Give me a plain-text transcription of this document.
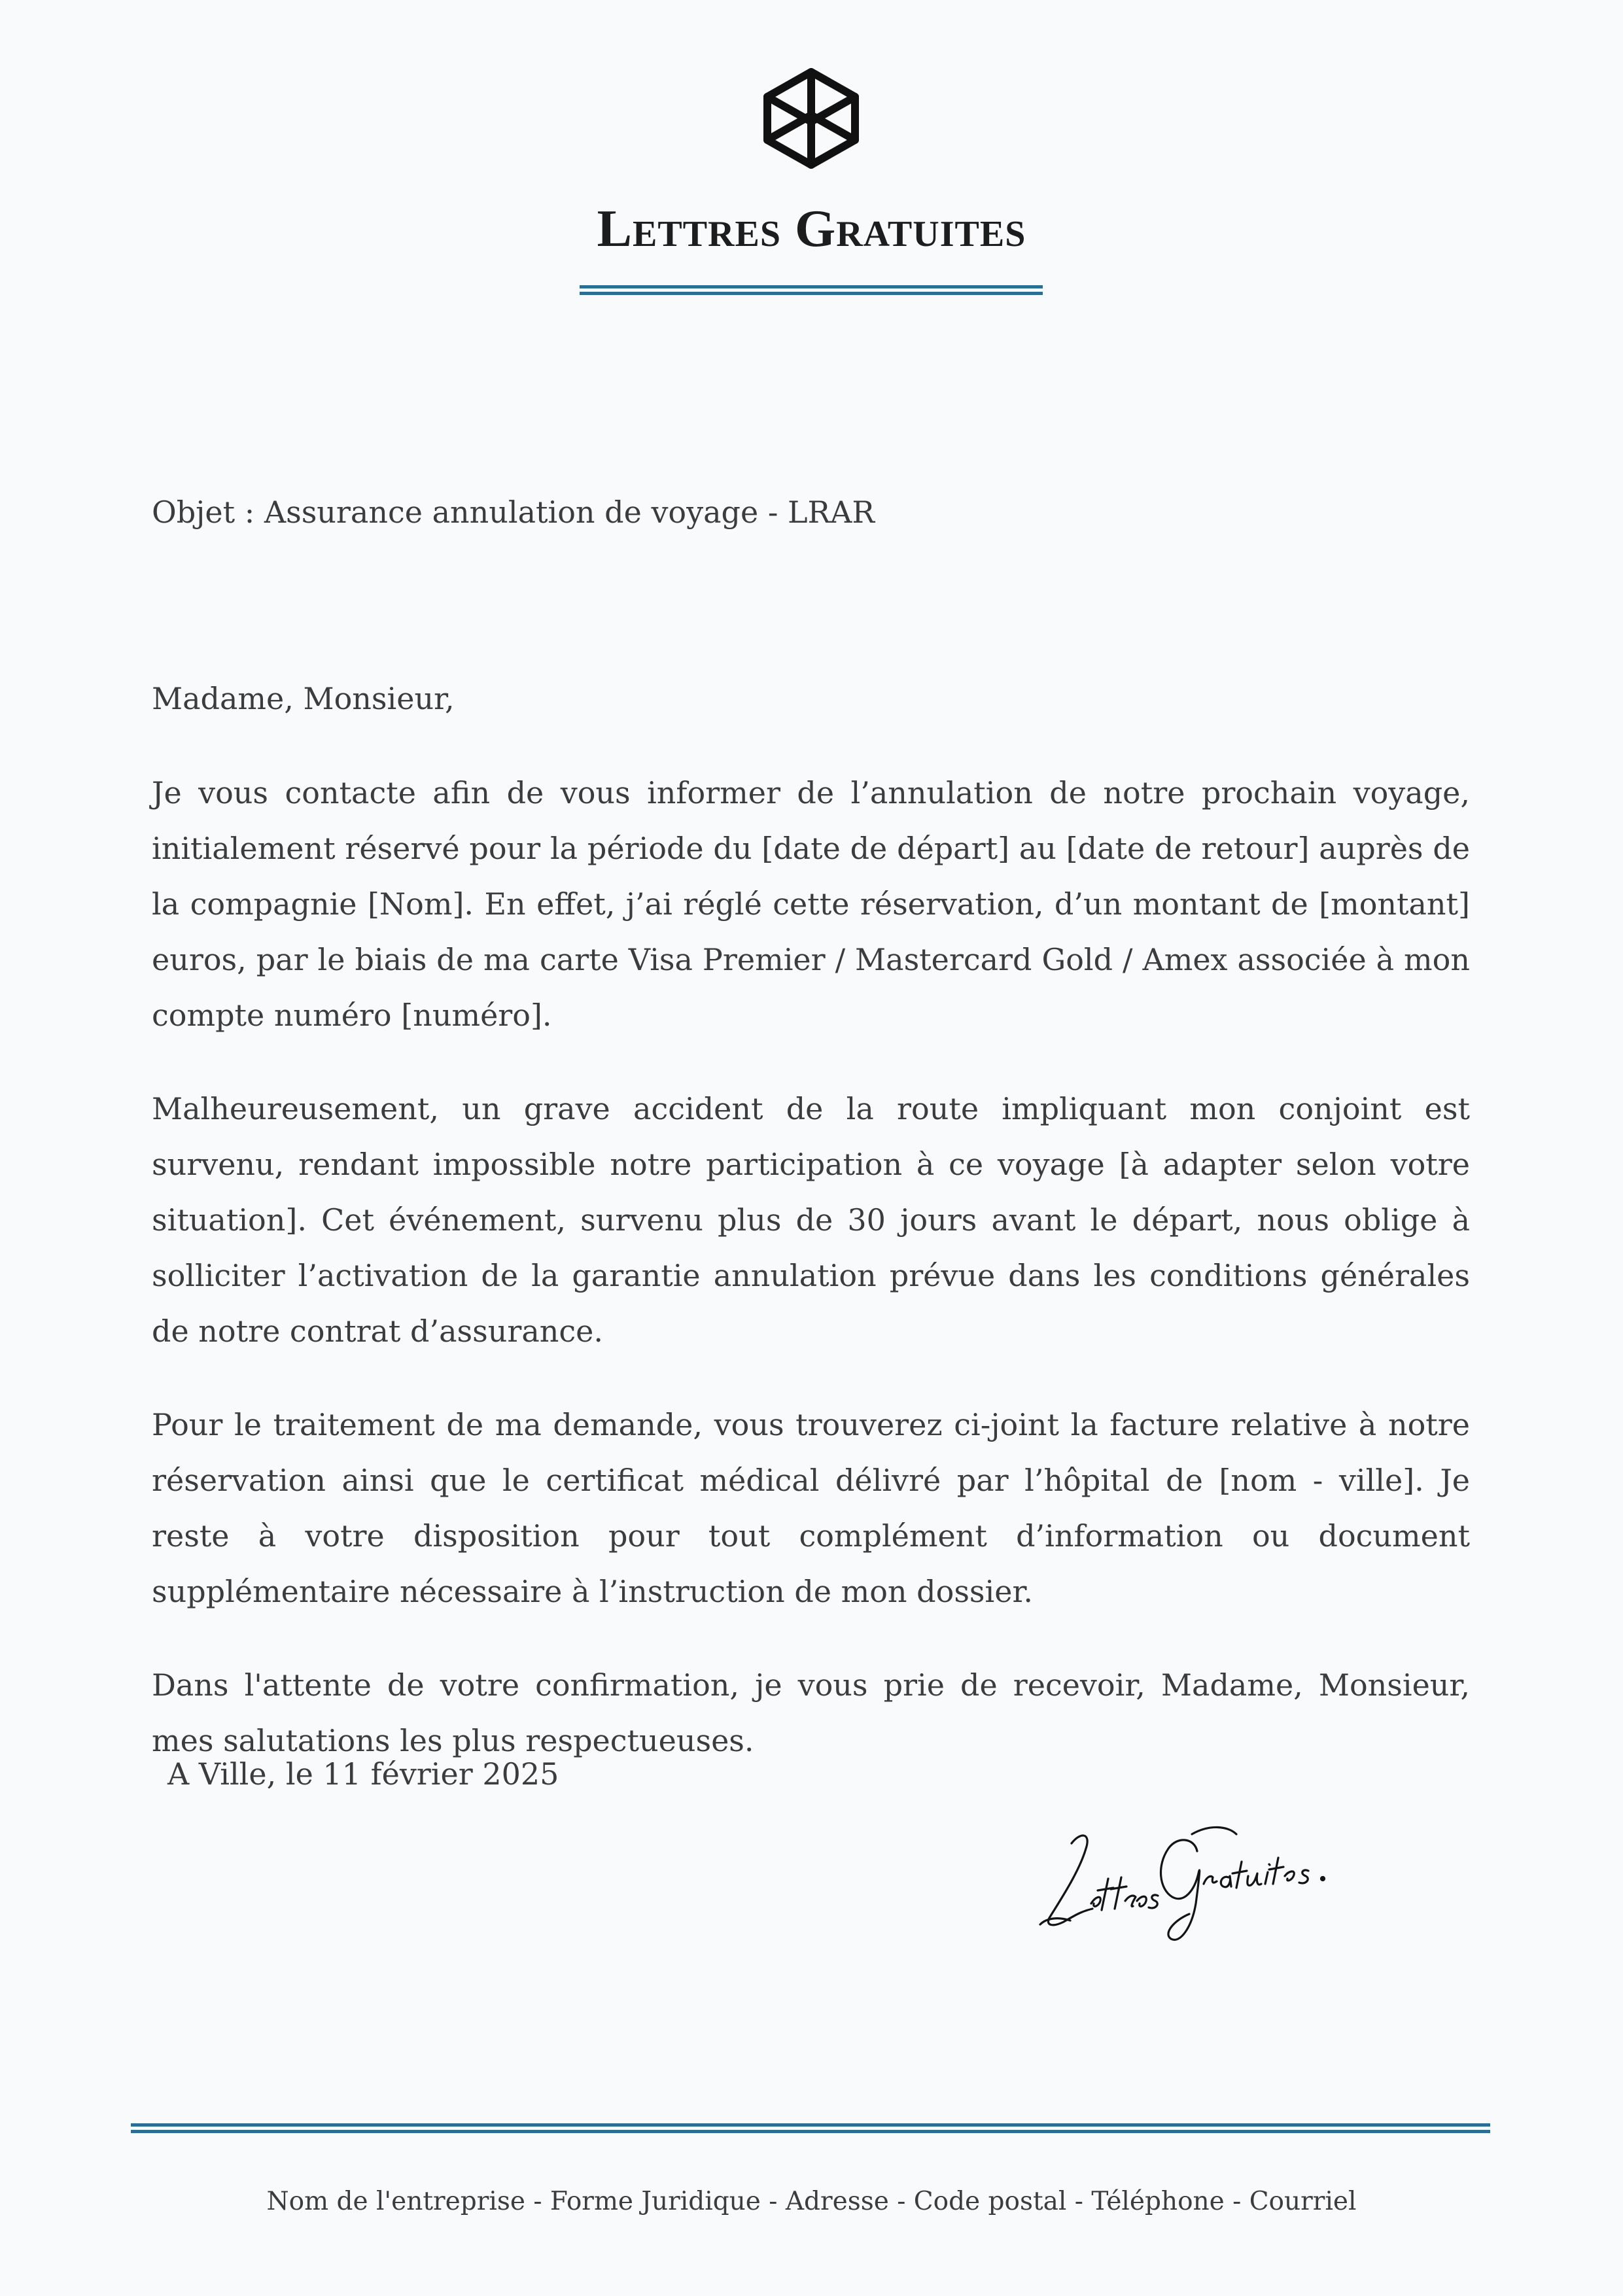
Lettres Gratuites

Objet : Assurance annulation de voyage - LRAR

Madame, Monsieur,

Je vous contacte afin de vous informer de l’annulation de notre prochain voyage, initialement réservé pour la période du [date de départ] au [date de retour] auprès de la compagnie [Nom]. En effet, j’ai réglé cette réservation, d’un montant de [montant] euros, par le biais de ma carte Visa Premier / Mastercard Gold / Amex associée à mon compte numéro [numéro].

Malheureusement, un grave accident de la route impliquant mon conjoint est survenu, rendant impossible notre participation à ce voyage [à adapter selon votre situation]. Cet événement, survenu plus de 30 jours avant le départ, nous oblige à solliciter l’activation de la garantie annulation prévue dans les conditions générales de notre contrat d’assurance.

Pour le traitement de ma demande, vous trouverez ci-joint la facture relative à notre réservation ainsi que le certificat médical délivré par l’hôpital de [nom - ville]. Je reste à votre disposition pour tout complément d’information ou document supplémentaire nécessaire à l’instruction de mon dossier.

Dans l'attente de votre confirmation, je vous prie de recevoir, Madame, Monsieur, mes salutations les plus respectueuses.

A Ville, le 11 février 2025

Nom de l'entreprise - Forme Juridique - Adresse - Code postal - Téléphone - Courriel
